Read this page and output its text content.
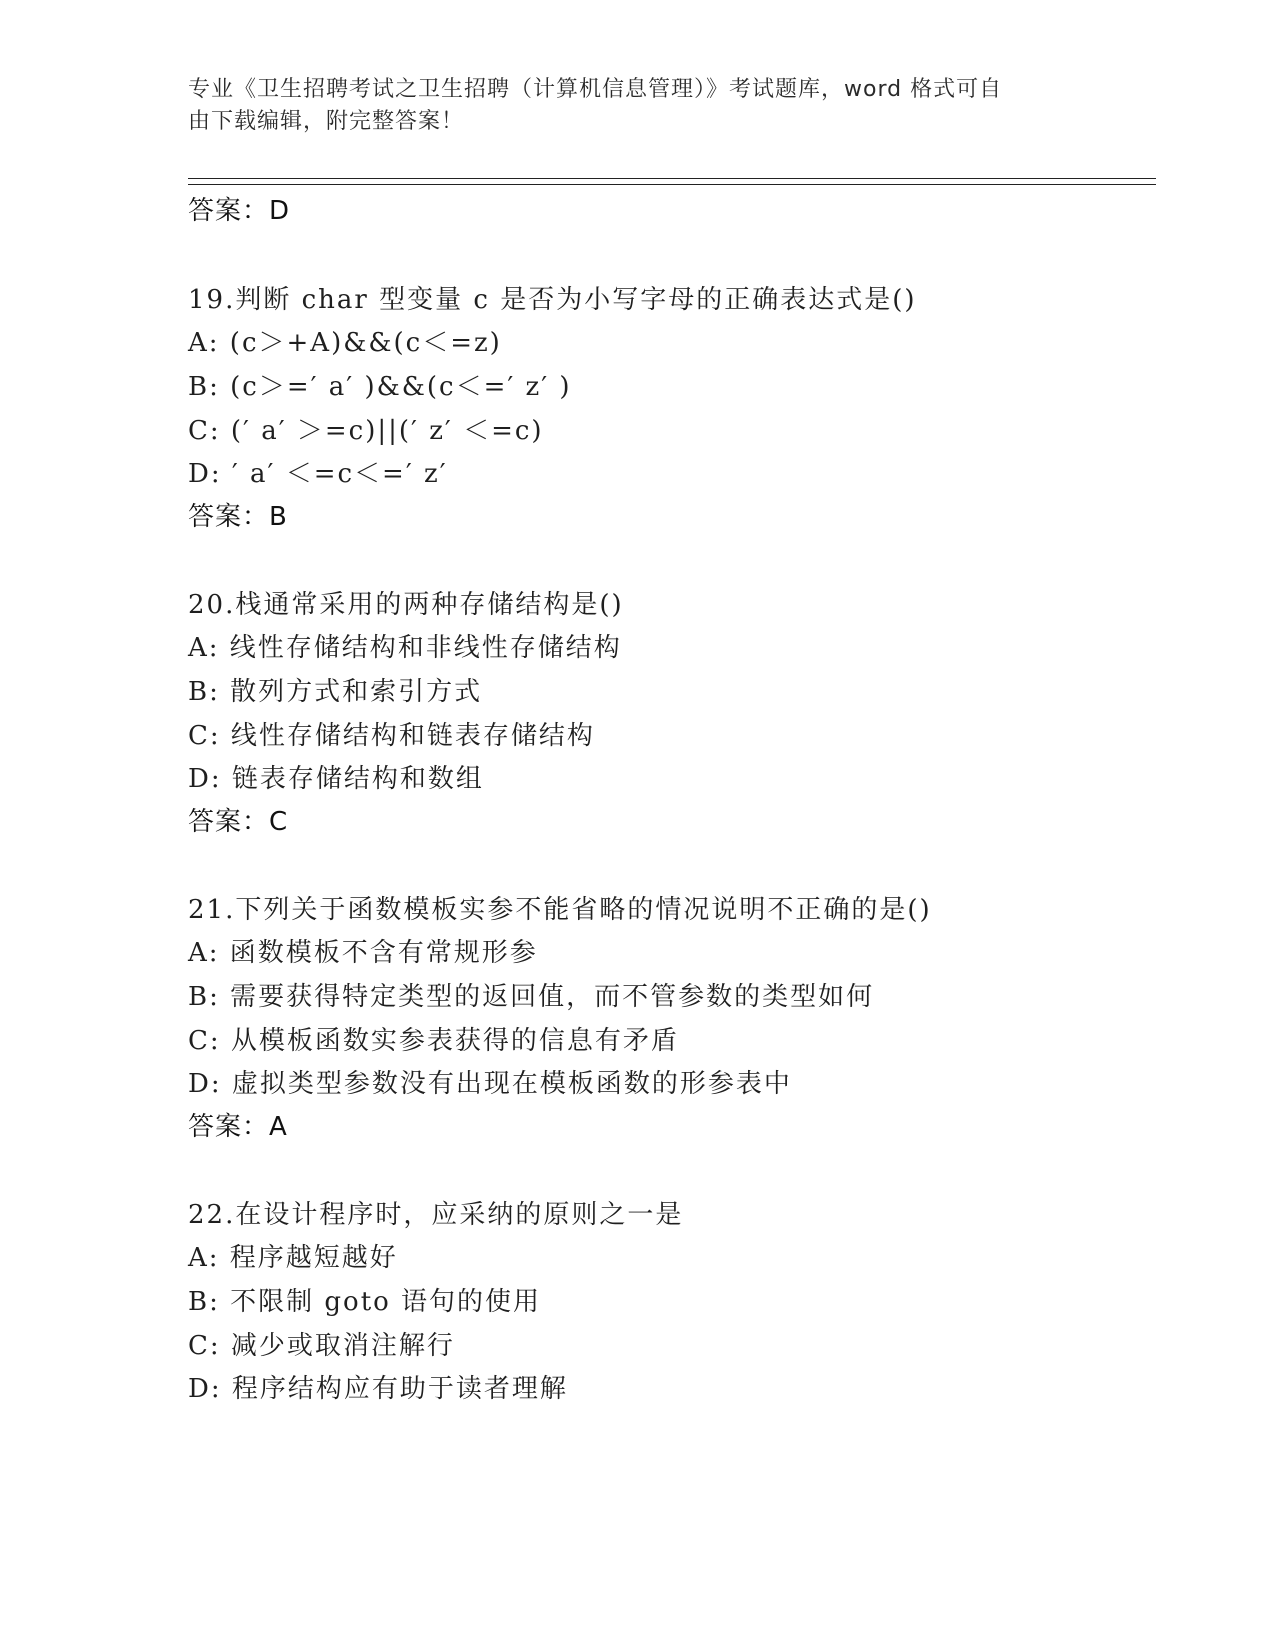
专业《卫生招聘考试之卫生招聘（计算机信息管理）》考试题库，word 格式可自
由下载编辑，附完整答案！
答案：D
19.判断 char 型变量 c 是否为小写字母的正确表达式是()
A: (c＞+A)&&(c＜=z)
B: (c＞=′ a′ )&&(c＜=′ z′ )
C: (′ a′ ＞=c)||(′ z′ ＜=c)
D: ′ a′ ＜=c＜=′ z′
答案：B
20.栈通常采用的两种存储结构是()
A: 线性存储结构和非线性存储结构
B: 散列方式和索引方式
C: 线性存储结构和链表存储结构
D: 链表存储结构和数组
答案：C
21.下列关于函数模板实参不能省略的情况说明不正确的是()
A: 函数模板不含有常规形参
B: 需要获得特定类型的返回值，而不管参数的类型如何
C: 从模板函数实参表获得的信息有矛盾
D: 虚拟类型参数没有出现在模板函数的形参表中
答案：A
22.在设计程序时，应采纳的原则之一是
A: 程序越短越好
B: 不限制 goto 语句的使用
C: 减少或取消注解行
D: 程序结构应有助于读者理解
